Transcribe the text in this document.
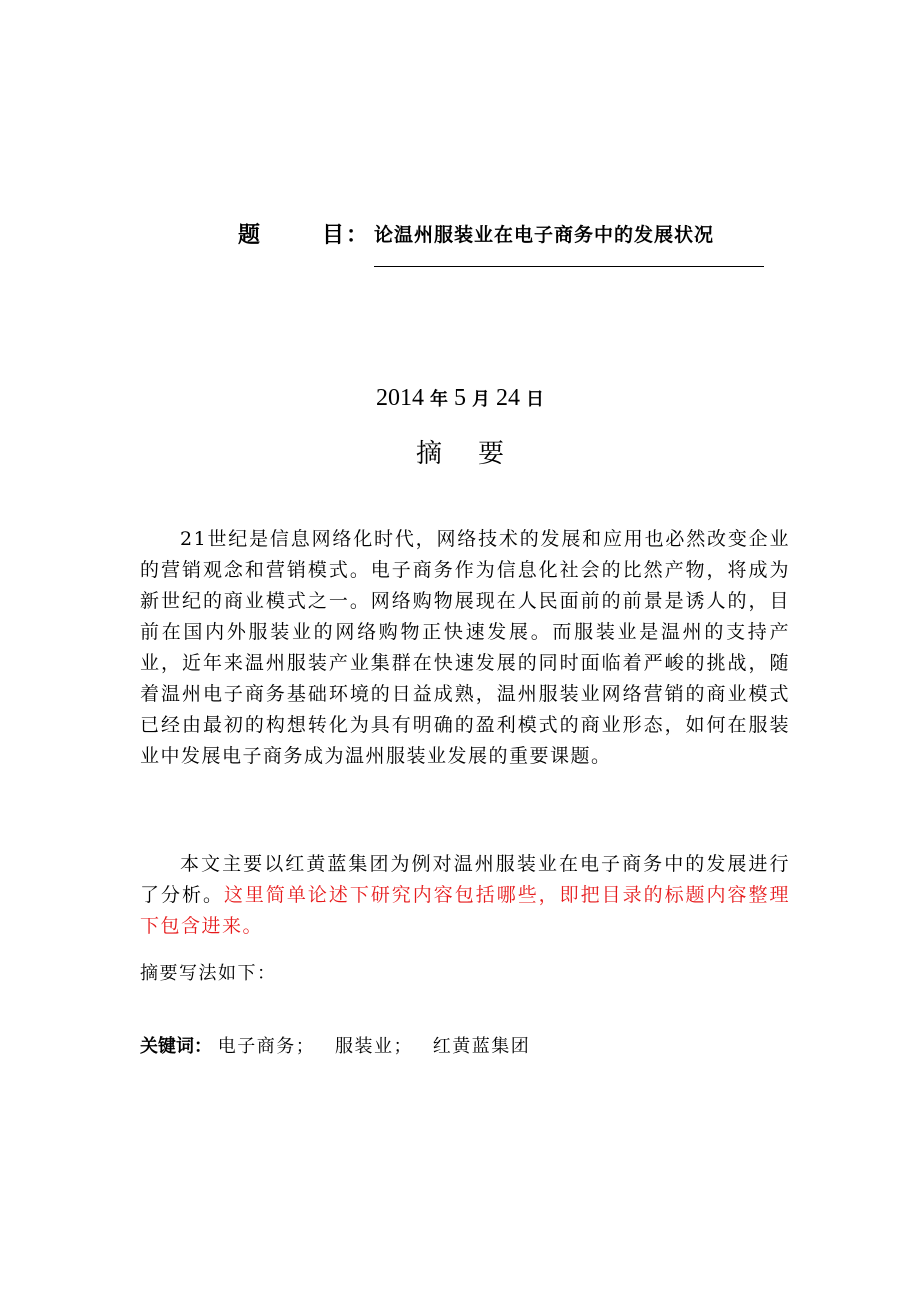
题	目 ： 论温州服装业在电子商务中的发展状况
2014 年 5 月 24 日
摘要

21世纪是信息网络化时代，网络技术的发展和应用也必然改变企业的营销观念和营销模式。电子商务作为信息化社会的比然产物，将成为新世纪的商业模式之一。网络购物展现在人民面前的前景是诱人的，目前在国内外服装业的网络购物正快速发展。而服装业是温州的支持产业，近年来温州服装产业集群在快速发展的同时面临着严峻的挑战，随着温州电子商务基础环境的日益成熟，温州服装业网络营销的商业模式已经由最初的构想转化为具有明确的盈利模式的商业形态，如何在服装业中发展电子商务成为温州服装业发展的重要课题。

本文主要以红黄蓝集团为例对温州服装业在电子商务中的发展进行了分析。这里简单论述下研究内容包括哪些，即把目录的标题内容整理下包含进来。

摘要写法如下：
关键词： 电子商务； 服装业； 红黄蓝集团
